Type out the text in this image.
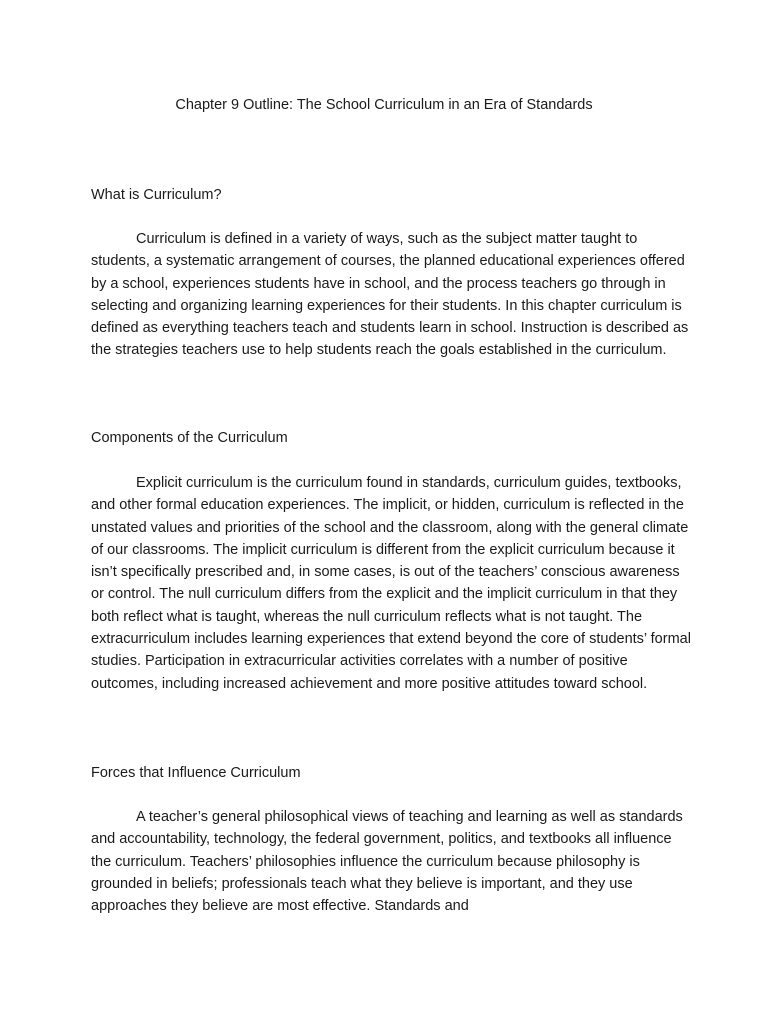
Chapter 9 Outline: The School Curriculum in an Era of Standards
What is Curriculum?

Curriculum is defined in a variety of ways, such as the subject matter taught to students, a systematic arrangement of courses, the planned educational experiences offered by a school, experiences students have in school, and the process teachers go through in selecting and organizing learning experiences for their students. In this chapter curriculum is defined as everything teachers teach and students learn in school. Instruction is described as the strategies teachers use to help students reach the goals established in the curriculum.

Components of the Curriculum

Explicit curriculum is the curriculum found in standards, curriculum guides, textbooks, and other formal education experiences. The implicit, or hidden, curriculum is reflected in the unstated values and priorities of the school and the classroom, along with the general climate of our classrooms. The implicit curriculum is different from the explicit curriculum because it isn’t specifically prescribed and, in some cases, is out of the teachers’ conscious awareness or control. The null curriculum differs from the explicit and the implicit curriculum in that they both reflect what is taught, whereas the null curriculum reflects what is not taught. The extracurriculum includes learning experiences that extend beyond the core of students’ formal studies. Participation in extracurricular activities correlates with a number of positive outcomes, including increased achievement and more positive attitudes toward school.

Forces that Influence Curriculum

A teacher’s general philosophical views of teaching and learning as well as standards and accountability, technology, the federal government, politics, and textbooks all influence the curriculum. Teachers’ philosophies influence the curriculum because philosophy is grounded in beliefs; professionals teach what they believe is important, and they use approaches they believe are most effective. Standards and
